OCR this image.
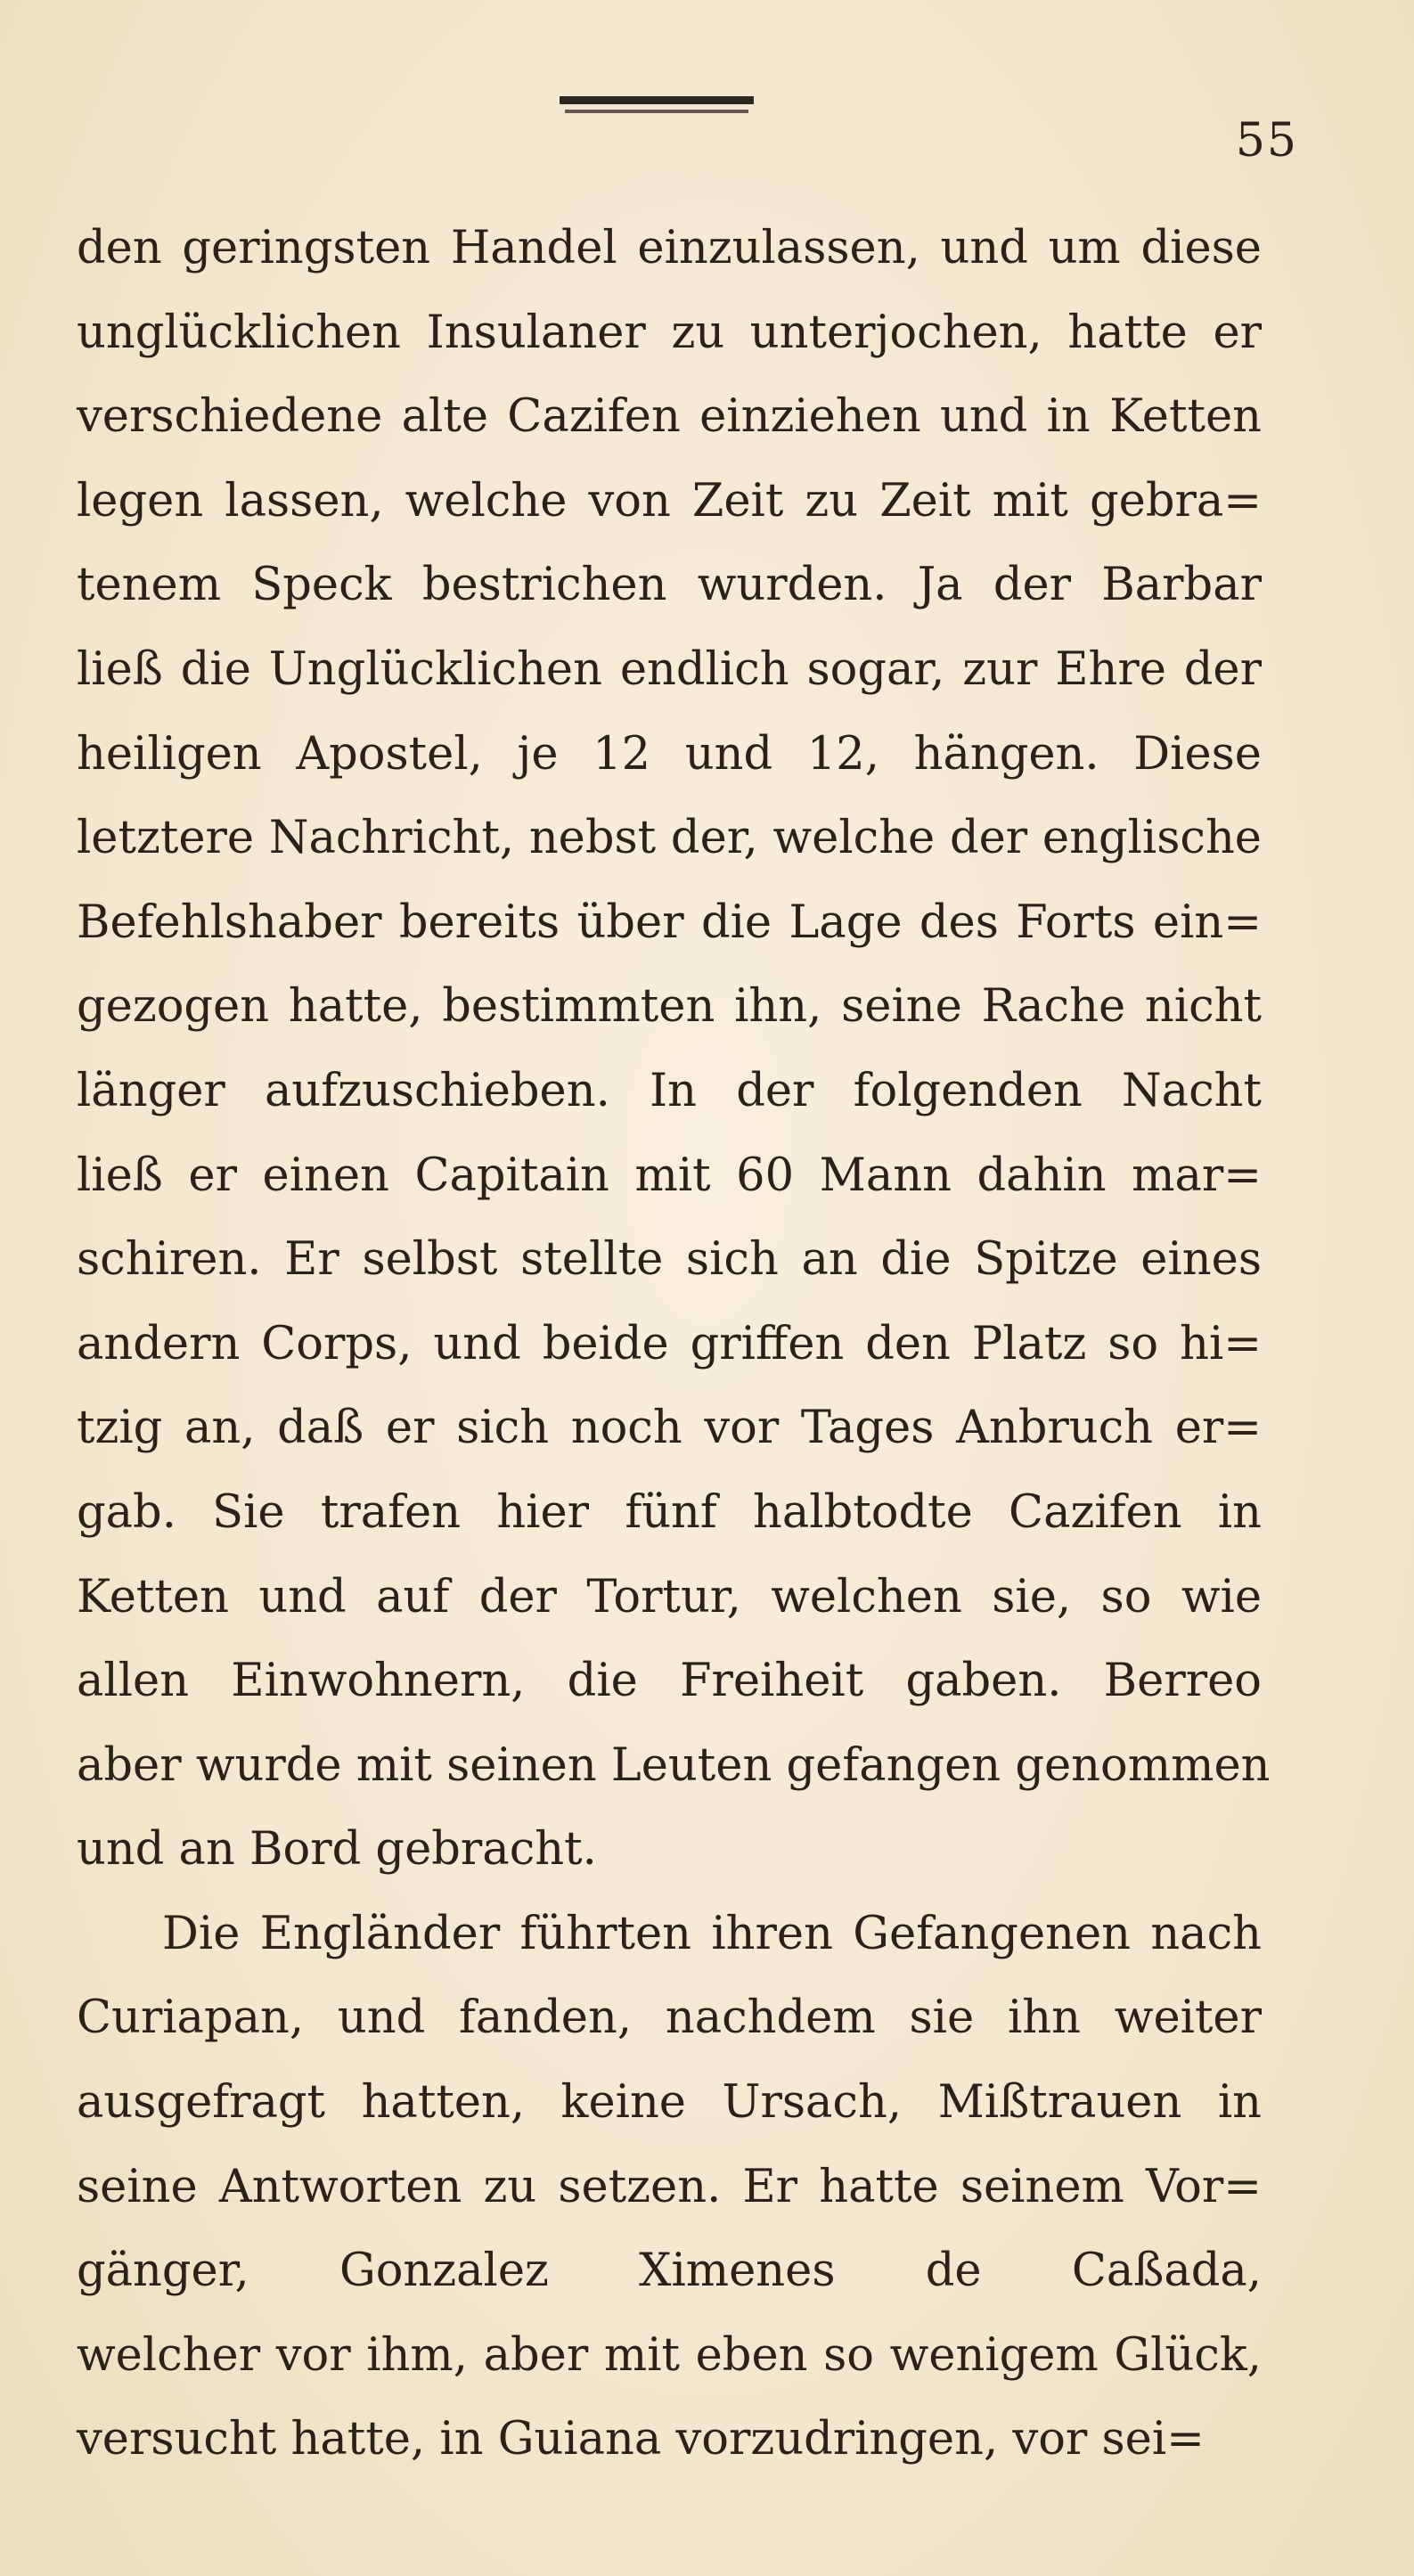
55
den geringsten Handel einzulassen, und um diese
unglücklichen Insulaner zu unterjochen, hatte er
verschiedene alte Cazifen einziehen und in Ketten
legen lassen, welche von Zeit zu Zeit mit gebra=
tenem Speck bestrichen wurden. Ja der Barbar
ließ die Unglücklichen endlich sogar, zur Ehre der
heiligen Apostel, je 12 und 12, hängen. Diese
letztere Nachricht, nebst der, welche der englische
Befehlshaber bereits über die Lage des Forts ein=
gezogen hatte, bestimmten ihn, seine Rache nicht
länger aufzuschieben. In der folgenden Nacht
ließ er einen Capitain mit 60 Mann dahin mar=
schiren. Er selbst stellte sich an die Spitze eines
andern Corps, und beide griffen den Platz so hi=
tzig an, daß er sich noch vor Tages Anbruch er=
gab. Sie trafen hier fünf halbtodte Cazifen in
Ketten und auf der Tortur, welchen sie, so wie
allen Einwohnern, die Freiheit gaben. Berreo
aber wurde mit seinen Leuten gefangen genommen
und an Bord gebracht.
Die Engländer führten ihren Gefangenen nach
Curiapan, und fanden, nachdem sie ihn weiter
ausgefragt hatten, keine Ursach, Mißtrauen in
seine Antworten zu setzen. Er hatte seinem Vor=
gänger, Gonzalez Ximenes de Caßada,
welcher vor ihm, aber mit eben so wenigem Glück,
versucht hatte, in Guiana vorzudringen, vor sei=
